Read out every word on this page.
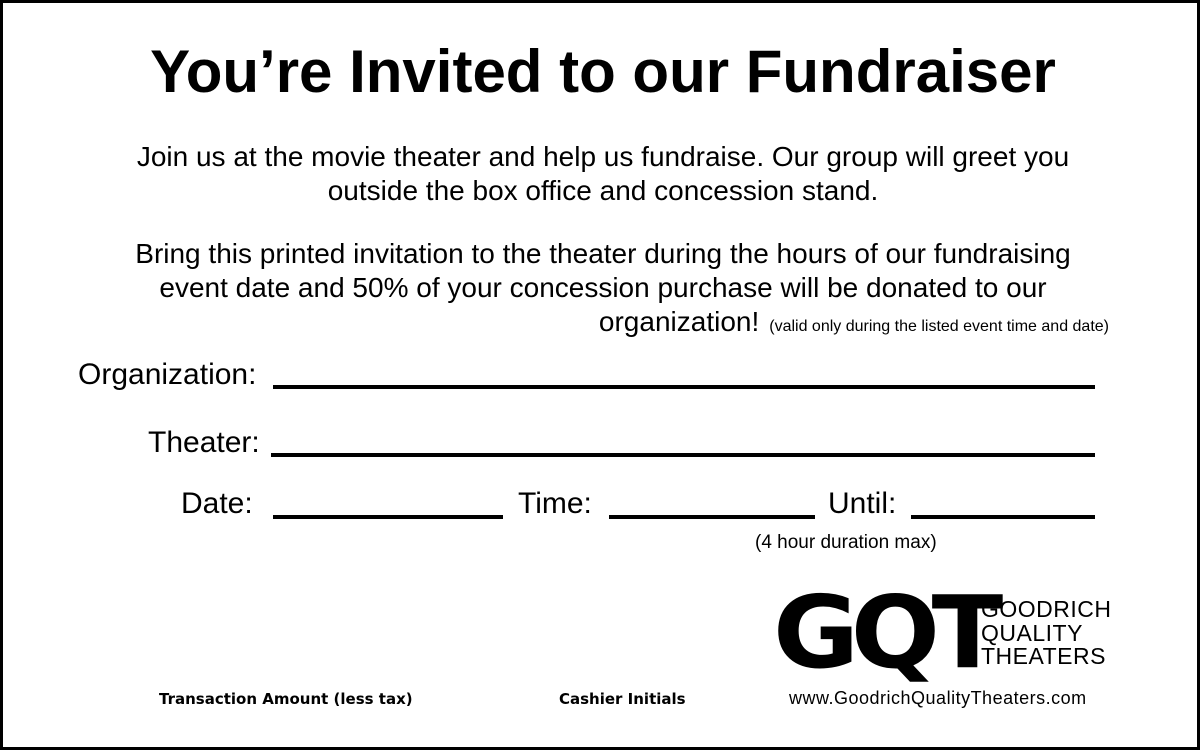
You’re Invited to our Fundraiser
Join us at the movie theater and help us fundraise. Our group will greet you
outside the box office and concession stand.
Bring this printed invitation to the theater during the hours of our fundraising
event date and 50% of your concession purchase will be donated to our
organization! (valid only during the listed event time and date)
Organization:
Theater:
Date:	Time:	Until:
(4 hour duration max)
GQT
GOODRICH
QUALITY
THEATERS
Transaction Amount (less tax)	Cashier Initials	www.GoodrichQualityTheaters.com
